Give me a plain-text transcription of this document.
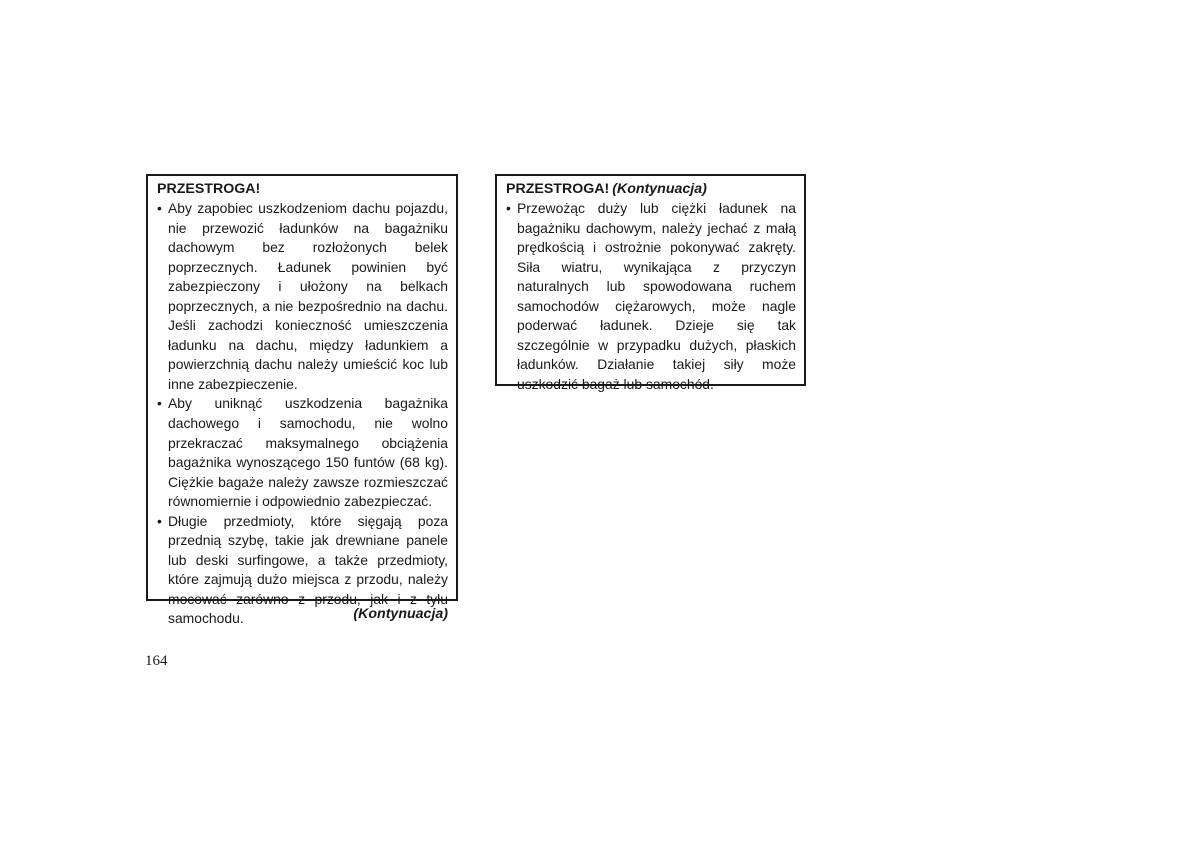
PRZESTROGA!
• Aby zapobiec uszkodzeniom dachu pojazdu, nie przewozić ładunków na bagażniku dachowym bez rozłożonych belek poprzecznych. Ładunek powinien być zabezpieczony i ułożony na belkach poprzecznych, a nie bezpośrednio na dachu. Jeśli zachodzi konieczność umieszczenia ładunku na dachu, między ładunkiem a powierzchnią dachu należy umieścić koc lub inne zabezpieczenie.
• Aby uniknąć uszkodzenia bagażnika dachowego i samochodu, nie wolno przekraczać maksymalnego obciążenia bagażnika wynoszącego 150 funtów (68 kg). Ciężkie bagaże należy zawsze rozmieszczać równomiernie i odpowiednio zabezpieczać.
• Długie przedmioty, które sięgają poza przednią szybę, takie jak drewniane panele lub deski surfingowe, a także przedmioty, które zajmują dużo miejsca z przodu, należy mocować zarówno z przodu, jak i z tyłu samochodu.	(Kontynuacja)
PRZESTROGA! (Kontynuacja)
• Przewożąc duży lub ciężki ładunek na bagażniku dachowym, należy jechać z małą prędkością i ostrożnie pokonywać zakręty. Siła wiatru, wynikająca z przyczyn naturalnych lub spowodowana ruchem samochodów ciężarowych, może nagle poderwać ładunek. Dzieje się tak szczególnie w przypadku dużych, płaskich ładunków. Działanie takiej siły może uszkodzić bagaż lub samochód.
164
